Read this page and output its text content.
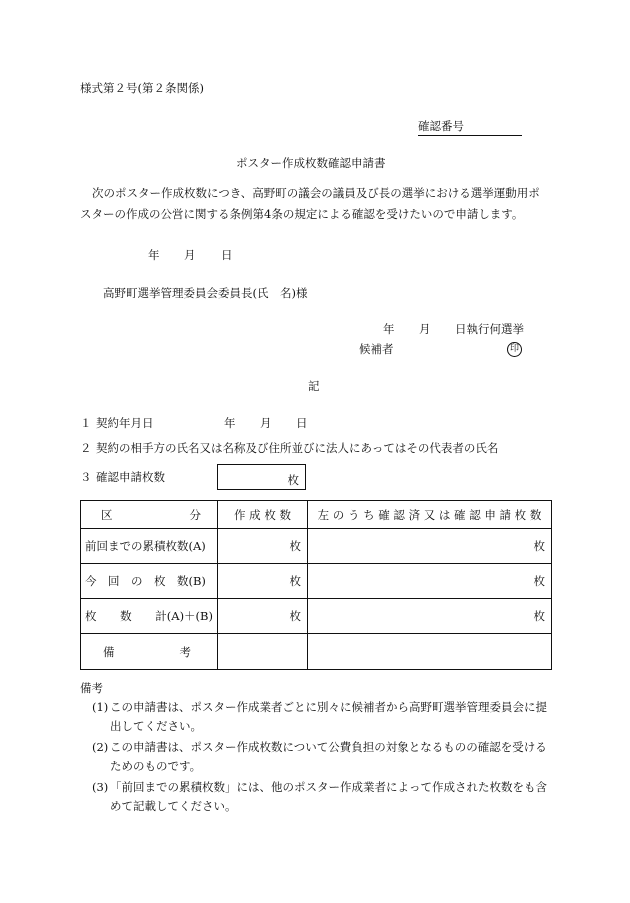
様式第２号(第２条関係)
確認番号
ポスター作成枚数確認申請書
次のポスター作成枚数につき、高野町の議会の議員及び長の選挙における選挙運動用ポスターの作成の公営に関する条例第4条の規定による確認を受けたいので申請します。
年 月 日
高野町選挙管理委員会委員長(氏　名)様
年 月 日執行何選挙
候補者	印
記
１ 契約年月日	年 月 日
２ 契約の相手方の氏名又は名称及び住所並びに法人にあってはその代表者の氏名
３ 確認申請枚数	枚
区 分	作 成 枚 数	左 の う ち 確 認 済 又 は 確 認 申 請 枚 数
前回までの累積枚数(A)	枚	枚
今　回　の　枚　数(B)	枚	枚

枚 数 計(A)＋(B)	枚	枚

備 考		

備考
(1) この申請書は、ポスター作成業者ごとに別々に候補者から高野町選挙管理委員会に提出してください。
(2) この申請書は、ポスター作成枚数について公費負担の対象となるものの確認を受けるためのものです。
(3) 「前回までの累積枚数」には、他のポスター作成業者によって作成された枚数をも含めて記載してください。
